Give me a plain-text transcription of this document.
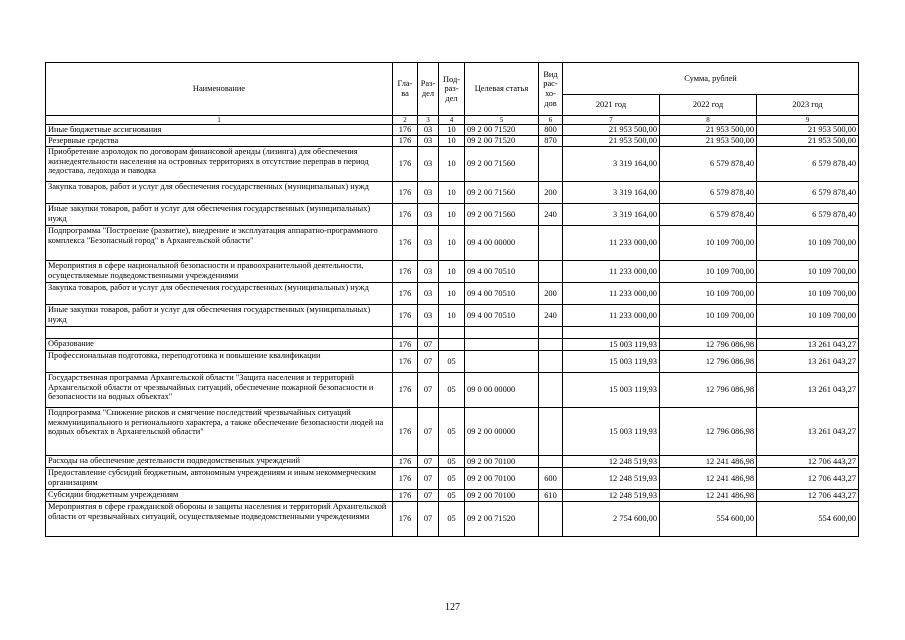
Наименование	Гла-ва	Раз-дел	Под-раз-дел	Целевая статья	Вид рас-хо-дов	Сумма, рублей		
						2021 год	2022 год	2023 год
1	2	3	4	5	6	7	8	9
Иные бюджетные ассигнования	176	03	10	09 2 00 71520	800	21 953 500,00	21 953 500,00	21 953 500,00
Резервные средства	176	03	10	09 2 00 71520	870	21 953 500,00	21 953 500,00	21 953 500,00
Приобретение аэролодок по договорам финансовой аренды (лизинга) для обеспечения жизнедеятельности населения на островных территориях в отсутствие переправ в период ледостава, ледохода и паводка	176	03	10	09 2 00 71560		3 319 164,00	6 579 878,40	6 579 878,40
Закупка товаров, работ и услуг для обеспечения государственных (муниципальных) нужд	176	03	10	09 2 00 71560	200	3 319 164,00	6 579 878,40	6 579 878,40
Иные закупки товаров, работ и услуг для обеспечения государственных (муниципальных) нужд	176	03	10	09 2 00 71560	240	3 319 164,00	6 579 878,40	6 579 878,40
Подпрограмма "Построение (развитие), внедрение и эксплуатация аппаратно-программного комплекса "Безопасный город" в Архангельской области"	176	03	10	09 4 00 00000		11 233 000,00	10 109 700,00	10 109 700,00
Мероприятия в сфере национальной безопасности и правоохранительной деятельности, осуществляемые подведомственными учреждениями	176	03	10	09 4 00 70510		11 233 000,00	10 109 700,00	10 109 700,00
Закупка товаров, работ и услуг для обеспечения государственных (муниципальных) нужд	176	03	10	09 4 00 70510	200	11 233 000,00	10 109 700,00	10 109 700,00
Иные закупки товаров, работ и услуг для обеспечения государственных (муниципальных) нужд	176	03	10	09 4 00 70510	240	11 233 000,00	10 109 700,00	10 109 700,00

Образование	176	07				15 003 119,93	12 796 086,98	13 261 043,27
Профессиональная подготовка, переподготовка и повышение квалификации	176	07	05			15 003 119,93	12 796 086,98	13 261 043,27
Государственная программа Архангельской области "Защита населения и территорий Архангельской области от чрезвычайных ситуаций, обеспечение пожарной безопасности и безопасности на водных объектах"	176	07	05	09 0 00 00000		15 003 119,93	12 796 086,98	13 261 043,27
Подпрограмма "Снижение рисков и смягчение последствий чрезвычайных ситуаций межмуниципального и регионального характера, а также обеспечение безопасности людей на водных объектах в Архангельской области"	176	07	05	09 2 00 00000		15 003 119,93	12 796 086,98	13 261 043,27
Расходы на обеспечение деятельности подведомственных учреждений	176	07	05	09 2 00 70100		12 248 519,93	12 241 486,98	12 706 443,27
Предоставление субсидий бюджетным, автономным учреждениям и иным некоммерческим организациям	176	07	05	09 2 00 70100	600	12 248 519,93	12 241 486,98	12 706 443,27
Субсидии бюджетным учреждениям	176	07	05	09 2 00 70100	610	12 248 519,93	12 241 486,98	12 706 443,27
Мероприятия в сфере гражданской обороны и защиты населения и территорий Архангельской области от чрезвычайных ситуаций, осуществляемые подведомственными учреждениями	176	07	05	09 2 00 71520		2 754 600,00	554 600,00	554 600,00
127
